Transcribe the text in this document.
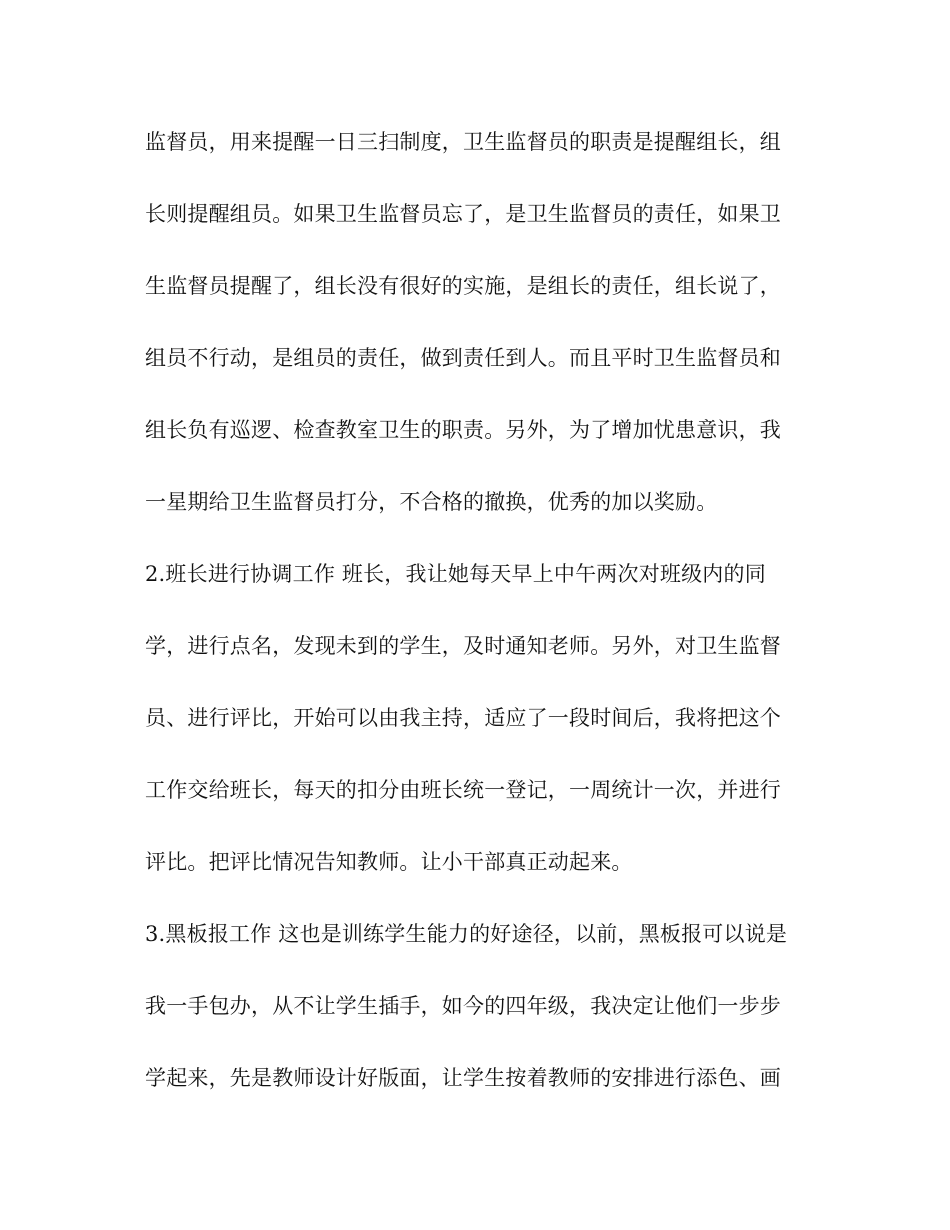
监督员，用来提醒一日三扫制度，卫生监督员的职责是提醒组长，组
长则提醒组员。如果卫生监督员忘了，是卫生监督员的责任，如果卫
生监督员提醒了，组长没有很好的实施，是组长的责任，组长说了，
组员不行动，是组员的责任，做到责任到人。而且平时卫生监督员和
组长负有巡逻、检查教室卫生的职责。另外，为了增加忧患意识，我
一星期给卫生监督员打分，不合格的撤换，优秀的加以奖励。
2.班长进行协调工作 班长，我让她每天早上中午两次对班级内的同
学，进行点名，发现未到的学生，及时通知老师。另外，对卫生监督
员、进行评比，开始可以由我主持，适应了一段时间后，我将把这个
工作交给班长，每天的扣分由班长统一登记，一周统计一次，并进行
评比。把评比情况告知教师。让小干部真正动起来。
3.黑板报工作 这也是训练学生能力的好途径，以前，黑板报可以说是
我一手包办，从不让学生插手，如今的四年级，我决定让他们一步步
学起来，先是教师设计好版面，让学生按着教师的安排进行添色、画
